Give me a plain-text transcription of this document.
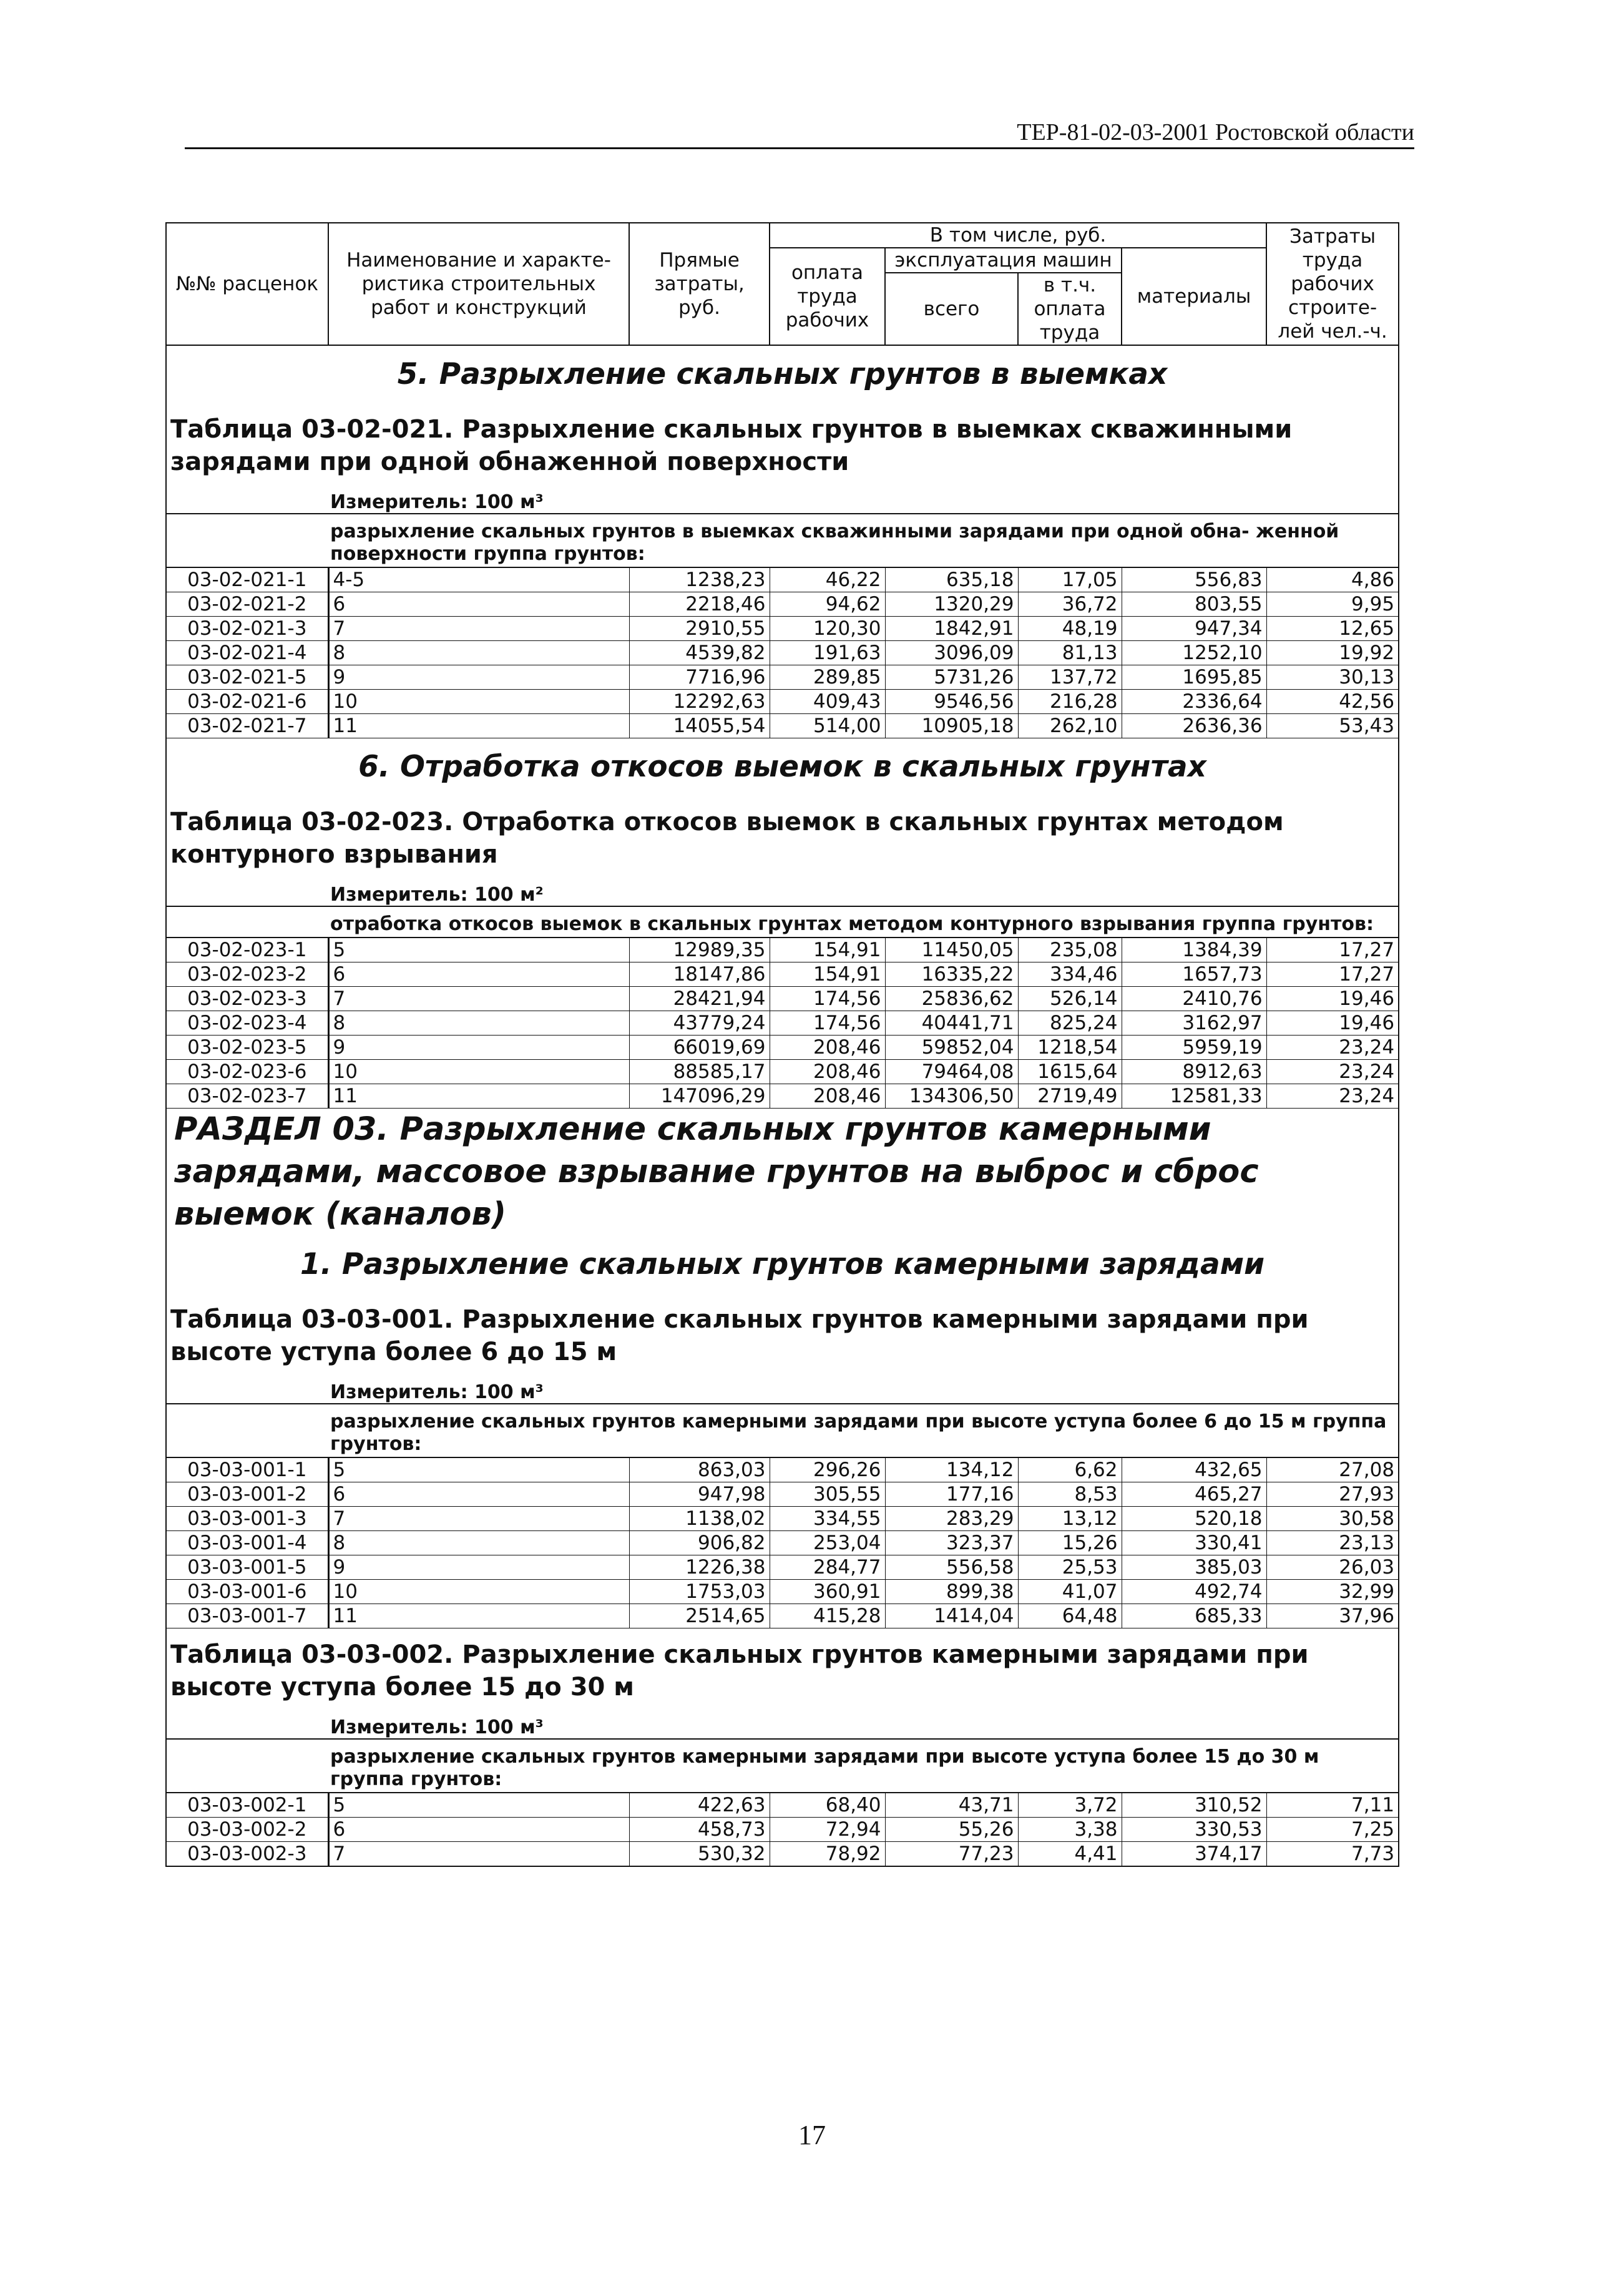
ТЕР-81-02-03-2001 Ростовской области
№№ расценок	Наименование и характе- ристика строительных работ и конструкций	Прямые затраты, руб.	В том числе, руб.				Затраты труда рабочих строите- лей чел.-ч.
			оплата труда рабочих	эксплуатация машин		материалы	
				всего	в т.ч. оплата труда		
5. Разрыхление скальных грунтов в выемках							
Таблица 03-02-021. Разрыхление скальных грунтов в выемках скважинными зарядами при одной обнаженной поверхности							
Измеритель: 100 м³							
разрыхление скальных грунтов в выемках скважинными зарядами при одной обна- женной поверхности группа грунтов:							
03-02-021-1	4-5	1238,23	46,22	635,18	17,05	556,83	4,86
03-02-021-2	6	2218,46	94,62	1320,29	36,72	803,55	9,95
03-02-021-3	7	2910,55	120,30	1842,91	48,19	947,34	12,65
03-02-021-4	8	4539,82	191,63	3096,09	81,13	1252,10	19,92
03-02-021-5	9	7716,96	289,85	5731,26	137,72	1695,85	30,13
03-02-021-6	10	12292,63	409,43	9546,56	216,28	2336,64	42,56
03-02-021-7	11	14055,54	514,00	10905,18	262,10	2636,36	53,43
6. Отработка откосов выемок в скальных грунтах							
Таблица 03-02-023. Отработка откосов выемок в скальных грунтах методом контурного взрывания							
Измеритель: 100 м²							
отработка откосов выемок в скальных грунтах методом контурного взрывания группа грунтов:							
03-02-023-1	5	12989,35	154,91	11450,05	235,08	1384,39	17,27
03-02-023-2	6	18147,86	154,91	16335,22	334,46	1657,73	17,27
03-02-023-3	7	28421,94	174,56	25836,62	526,14	2410,76	19,46
03-02-023-4	8	43779,24	174,56	40441,71	825,24	3162,97	19,46
03-02-023-5	9	66019,69	208,46	59852,04	1218,54	5959,19	23,24
03-02-023-6	10	88585,17	208,46	79464,08	1615,64	8912,63	23,24
03-02-023-7	11	147096,29	208,46	134306,50	2719,49	12581,33	23,24
РАЗДЕЛ 03. Разрыхление скальных грунтов камерными зарядами, массовое взрывание грунтов на выброс и сброс выемок (каналов)							
1. Разрыхление скальных грунтов камерными зарядами							
Таблица 03-03-001. Разрыхление скальных грунтов камерными зарядами при высоте уступа более 6 до 15 м							
Измеритель: 100 м³							
разрыхление скальных грунтов камерными зарядами при высоте уступа более 6 до 15 м группа грунтов:							
03-03-001-1	5	863,03	296,26	134,12	6,62	432,65	27,08
03-03-001-2	6	947,98	305,55	177,16	8,53	465,27	27,93
03-03-001-3	7	1138,02	334,55	283,29	13,12	520,18	30,58
03-03-001-4	8	906,82	253,04	323,37	15,26	330,41	23,13
03-03-001-5	9	1226,38	284,77	556,58	25,53	385,03	26,03
03-03-001-6	10	1753,03	360,91	899,38	41,07	492,74	32,99
03-03-001-7	11	2514,65	415,28	1414,04	64,48	685,33	37,96
Таблица 03-03-002. Разрыхление скальных грунтов камерными зарядами при высоте уступа более 15 до 30 м							
Измеритель: 100 м³							
разрыхление скальных грунтов камерными зарядами при высоте уступа более 15 до 30 м группа грунтов:							
03-03-002-1	5	422,63	68,40	43,71	3,72	310,52	7,11
03-03-002-2	6	458,73	72,94	55,26	3,38	330,53	7,25
03-03-002-3	7	530,32	78,92	77,23	4,41	374,17	7,73
17
